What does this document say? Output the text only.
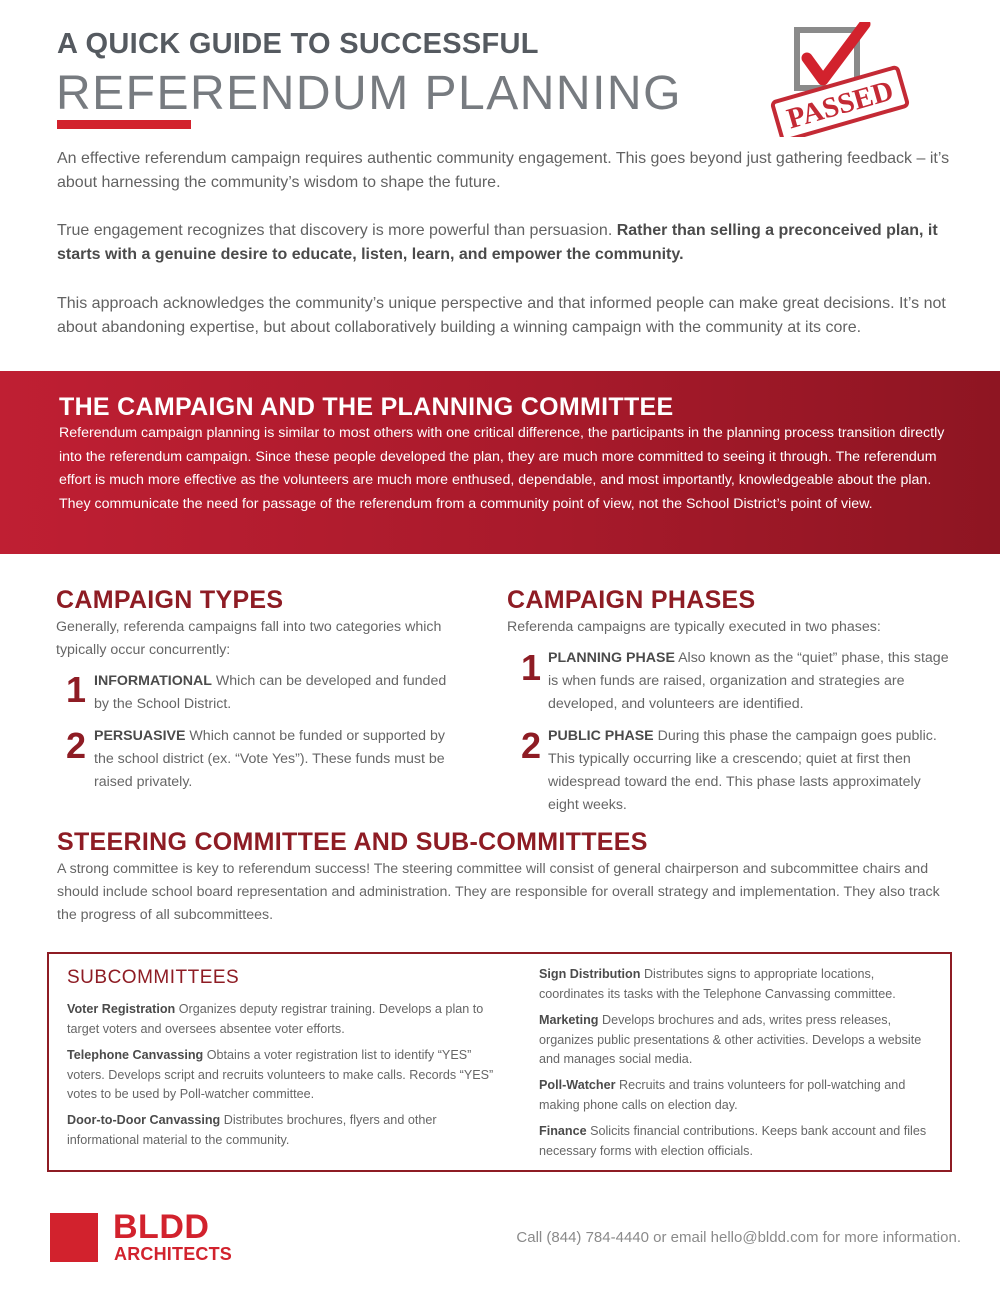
A QUICK GUIDE TO SUCCESSFUL
REFERENDUM PLANNING	PASSED

An effective referendum campaign requires authentic community engagement. This goes beyond just gathering feedback – it’s about harnessing the community’s wisdom to shape the future.

True engagement recognizes that discovery is more powerful than persuasion. Rather than selling a preconceived plan, it starts with a genuine desire to educate, listen, learn, and empower the community.

This approach acknowledges the community’s unique perspective and that informed people can make great decisions. It’s not about abandoning expertise, but about collaboratively building a winning campaign with the community at its core.

THE CAMPAIGN AND THE PLANNING COMMITTEE

Referendum campaign planning is similar to most others with one critical difference, the participants in the planning process transition directly into the referendum campaign. Since these people developed the plan, they are much more committed to seeing it through. The referendum effort is much more effective as the volunteers are much more enthused, dependable, and most importantly, knowledgeable about the plan. They communicate the need for passage of the referendum from a community point of view, not the School District’s point of view.

CAMPAIGN TYPES

Generally, referenda campaigns fall into two categories which typically occur concurrently:

1 INFORMATIONAL Which can be developed and funded by the School District.

2 PERSUASIVE Which cannot be funded or supported by the school district (ex. “Vote Yes”). These funds must be raised privately.

CAMPAIGN PHASES

Referenda campaigns are typically executed in two phases:

1 PLANNING PHASE Also known as the “quiet” phase, this stage is when funds are raised, organization and strategies are developed, and volunteers are identified.

2 PUBLIC PHASE During this phase the campaign goes public. This typically occurring like a crescendo; quiet at first then widespread toward the end. This phase lasts approximately eight weeks.

STEERING COMMITTEE AND SUB-COMMITTEES

A strong committee is key to referendum success! The steering committee will consist of general chairperson and subcommittee chairs and should include school board representation and administration. They are responsible for overall strategy and implementation. They also track the progress of all subcommittees.

SUBCOMMITTEES

Voter Registration Organizes deputy registrar training. Develops a plan to target voters and oversees absentee voter efforts.

Telephone Canvassing Obtains a voter registration list to identify “YES” voters. Develops script and recruits volunteers to make calls. Records “YES” votes to be used by Poll-watcher committee.

Door-to-Door Canvassing Distributes brochures, flyers and other informational material to the community.

Sign Distribution Distributes signs to appropriate locations, coordinates its tasks with the Telephone Canvassing committee.

Marketing Develops brochures and ads, writes press releases, organizes public presentations & other activities. Develops a website and manages social media.

Poll-Watcher Recruits and trains volunteers for poll-watching and making phone calls on election day.

Finance Solicits financial contributions. Keeps bank account and files necessary forms with election officials.

BLDD
ARCHITECTS
Call (844) 784-4440 or email hello@bldd.com for more information.
